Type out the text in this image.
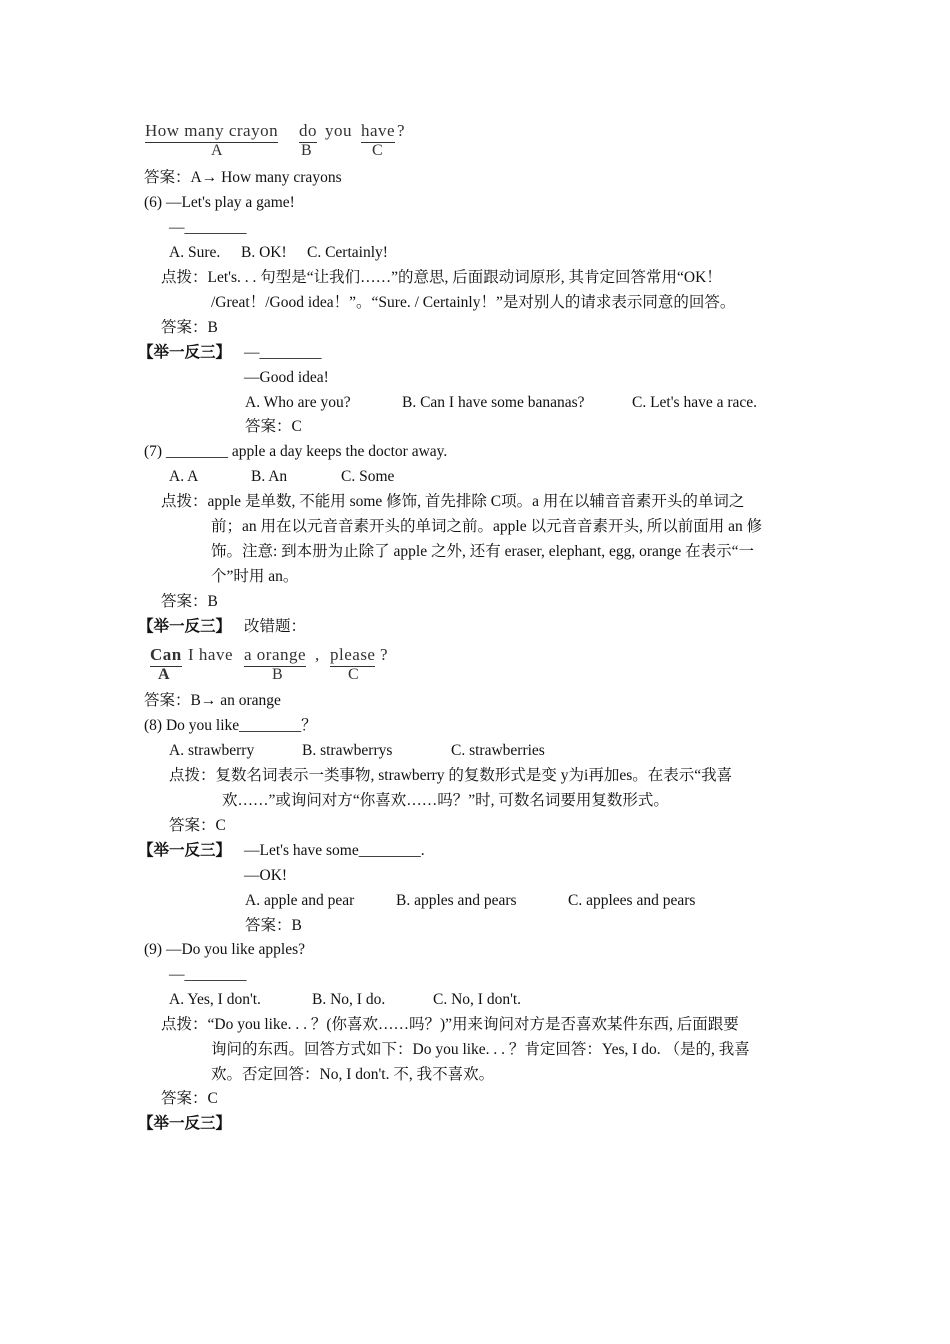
How many crayon do you have ?
A	B	C
答案：A→ How many crayons
(6) —Let's play a game!
—________
A. Sure. B. OK! C. Certainly!
点拨：Let's. . . 句型是“让我们……”的意思, 后面跟动词原形, 其肯定回答常用“OK！
/Great！/Good idea！”。“Sure. / Certainly！”是对别人的请求表示同意的回答。
答案：B
【举一反三】 —________
—Good idea!
A. Who are you?	B. Can I have some bananas?	C. Let's have a race.
答案：C
(7) ________ apple a day keeps the doctor away.
A. A	B. An	C. Some
点拨：apple 是单数, 不能用 some 修饰, 首先排除 C项。a 用在以辅音音素开头的单词之
前；an 用在以元音音素开头的单词之前。apple 以元音音素开头, 所以前面用 an 修
饰。注意: 到本册为止除了 apple 之外, 还有 eraser, elephant, egg, orange 在表示“一
个”时用 an。
答案：B
【举一反三】 改错题：
Can I have a orange , please ?
A	B	C
答案：B→ an orange
(8) Do you like________？
A. strawberry	B. strawberrys	C. strawberries
点拨：复数名词表示一类事物, strawberry 的复数形式是变 y为i再加es。在表示“我喜
欢……”或询问对方“你喜欢……吗？”时, 可数名词要用复数形式。
答案：C
【举一反三】 —Let's have some________.
—OK!
A. apple and pear	B. apples and pears	C. applees and pears
答案：B
(9) —Do you like apples?
—________
A. Yes, I don't.	B. No, I do.	C. No, I don't.
点拨：“Do you like. . . ？(你喜欢……吗？)”用来询问对方是否喜欢某件东西, 后面跟要
询问的东西。回答方式如下：Do you like. . . ？肯定回答：Yes, I do. （是的, 我喜
欢。否定回答：No, I don't. 不, 我不喜欢。
答案：C
【举一反三】
